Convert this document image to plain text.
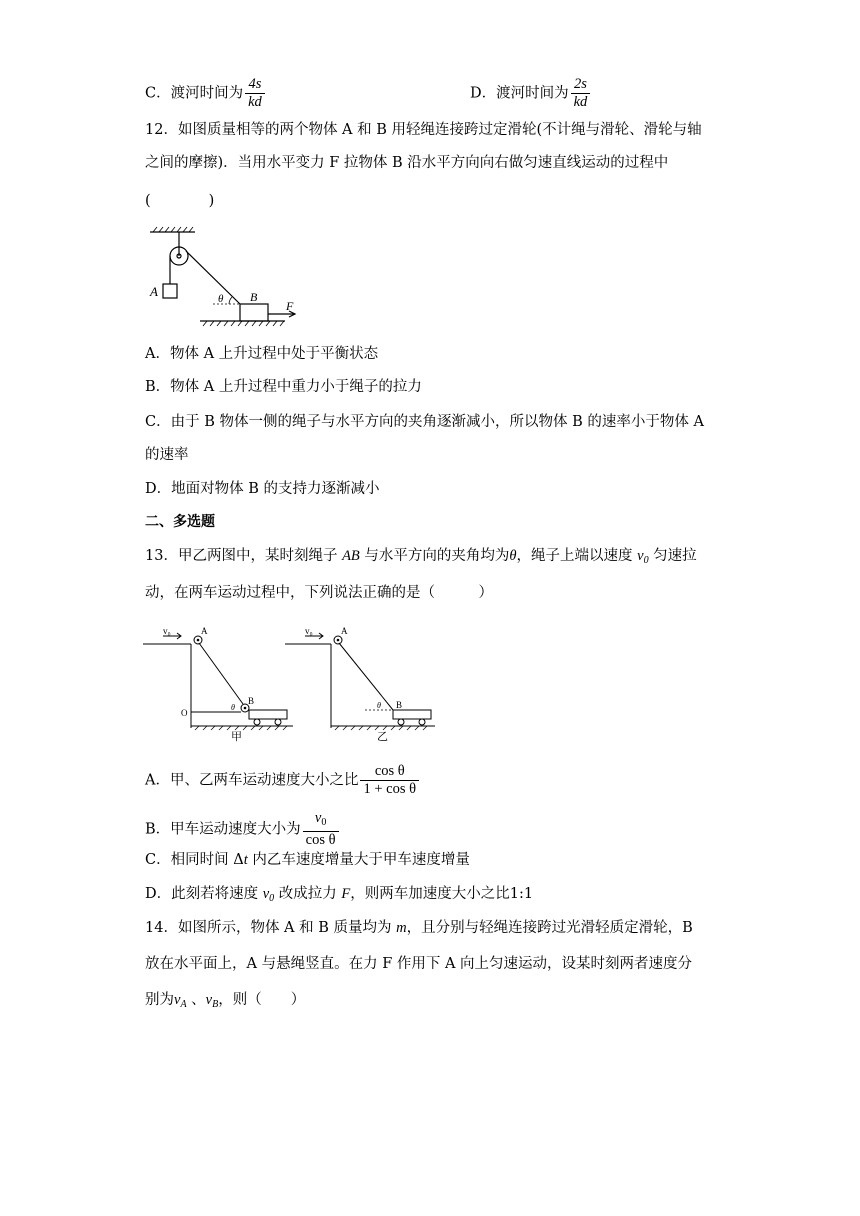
C．渡河时间为 $\frac{4s}{kd}$	D．渡河时间为 $\frac{2s}{kd}$
12．如图质量相等的两个物体 A 和 B 用轻绳连接跨过定滑轮(不计绳与滑轮、滑轮与轴
之间的摩擦)．当用水平变力 F 拉物体 B 沿水平方向向右做匀速直线运动的过程中
(　　　　)
A	B
F
θ
A．物体 A 上升过程中处于平衡状态
B．物体 A 上升过程中重力小于绳子的拉力
C．由于 B 物体一侧的绳子与水平方向的夹角逐渐减小，所以物体 B 的速率小于物体 A
的速率
D．地面对物体 B 的支持力逐渐减小
二、多选题
13．甲乙两图中，某时刻绳子 AB 与水平方向的夹角均为θ，绳子上端以速度 $v_0$ 匀速拉
动，在两车运动过程中，下列说法正确的是（　　　）
v₀	A
B
O
θ
甲
v₀	A
B
θ
乙
A．甲、乙两车运动速度大小之比 $\frac{\text{cos θ}}{\text{1 + cos θ}}$
B．甲车运动速度大小为 $\frac{v_0}{\text{cos θ}}$
C．相同时间 Δt 内乙车速度增量大于甲车速度增量
D．此刻若将速度 $v_0$ 改成拉力 F，则两车加速度大小之比1:1
14．如图所示，物体 A 和 B 质量均为 m，且分别与轻绳连接跨过光滑轻质定滑轮，B
放在水平面上，A 与悬绳竖直。在力 F 作用下 A 向上匀速运动，设某时刻两者速度分
别为$v_A$ 、$v_B$，则（　　）
